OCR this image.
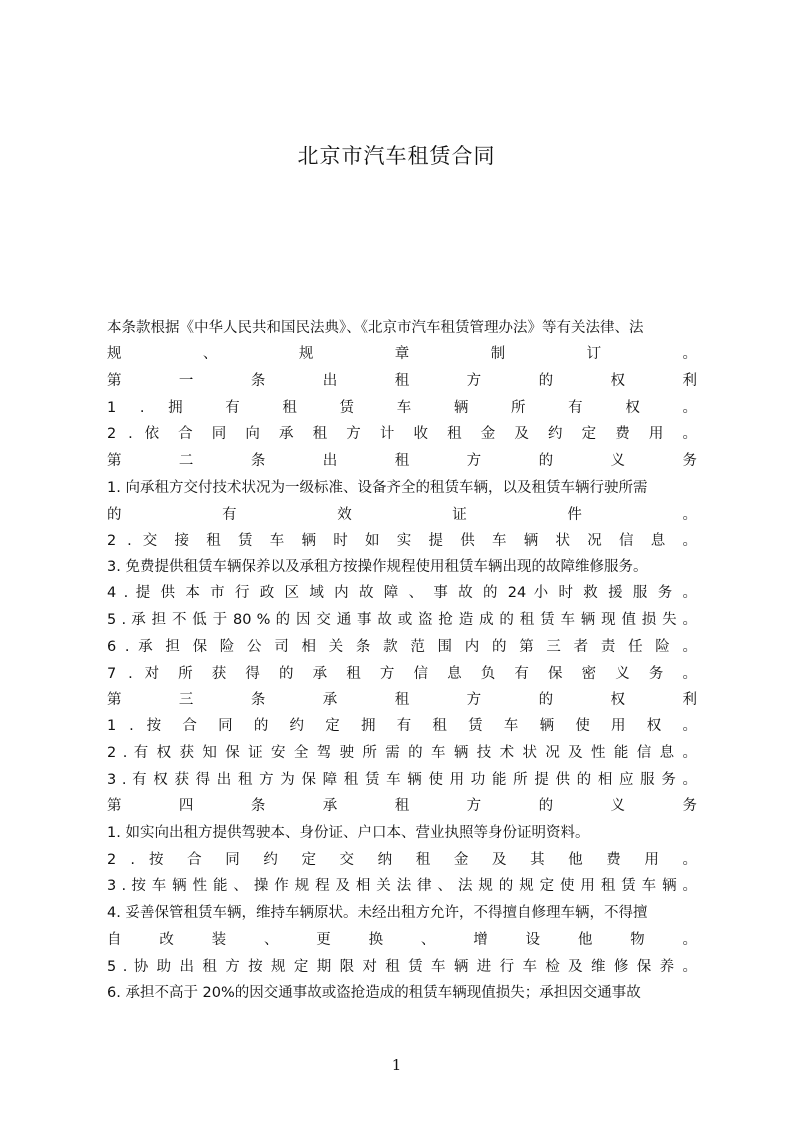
北京市汽车租赁合同
本条款根据《中华人民共和国民法典》、《北京市汽车租赁管理办法》等有关法律、法
规 、 规 章 制 订 。
第 一 条 出 租 方 的 权 利
1 . 拥 有 租 赁 车 辆 所 有 权 。
2 . 依 合 同 向 承 租 方 计 收 租 金 及 约 定 费 用 。
第 二 条 出 租 方 的 义 务
1. 向承租方交付技术状况为一级标准、设备齐全的租赁车辆，以及租赁车辆行驶所需
的 有 效 证 件 。
2 . 交 接 租 赁 车 辆 时 如 实 提 供 车 辆 状 况 信 息 。
3. 免费提供租赁车辆保养以及承租方按操作规程使用租赁车辆出现的故障维修服务。
4 . 提 供 本 市 行 政 区 域 内 故 障 、 事 故 的 24 小 时 救 援 服 务 。
5 . 承 担 不 低 于 80 % 的 因 交 通 事 故 或 盗 抢 造 成 的 租 赁 车 辆 现 值 损 失 。
6 . 承 担 保 险 公 司 相 关 条 款 范 围 内 的 第 三 者 责 任 险 。
7 . 对 所 获 得 的 承 租 方 信 息 负 有 保 密 义 务 。
第 三 条 承 租 方 的 权 利
1 . 按 合 同 的 约 定 拥 有 租 赁 车 辆 使 用 权 。
2 . 有 权 获 知 保 证 安 全 驾 驶 所 需 的 车 辆 技 术 状 况 及 性 能 信 息 。
3 . 有 权 获 得 出 租 方 为 保 障 租 赁 车 辆 使 用 功 能 所 提 供 的 相 应 服 务 。
第 四 条 承 租 方 的 义 务
1. 如实向出租方提供驾驶本、身份证、户口本、营业执照等身份证明资料。
2 . 按 合 同 约 定 交 纳 租 金 及 其 他 费 用 。
3 . 按 车 辆 性 能 、 操 作 规 程 及 相 关 法 律 、 法 规 的 规 定 使 用 租 赁 车 辆 。
4. 妥善保管租赁车辆，维持车辆原状。未经出租方允许，不得擅自修理车辆，不得擅
自 改 装 、 更 换 、 增 设 他 物 。
5 . 协 助 出 租 方 按 规 定 期 限 对 租 赁 车 辆 进 行 车 检 及 维 修 保 养 。
6. 承担不高于 20%的因交通事故或盗抢造成的租赁车辆现值损失；承担因交通事故
1
